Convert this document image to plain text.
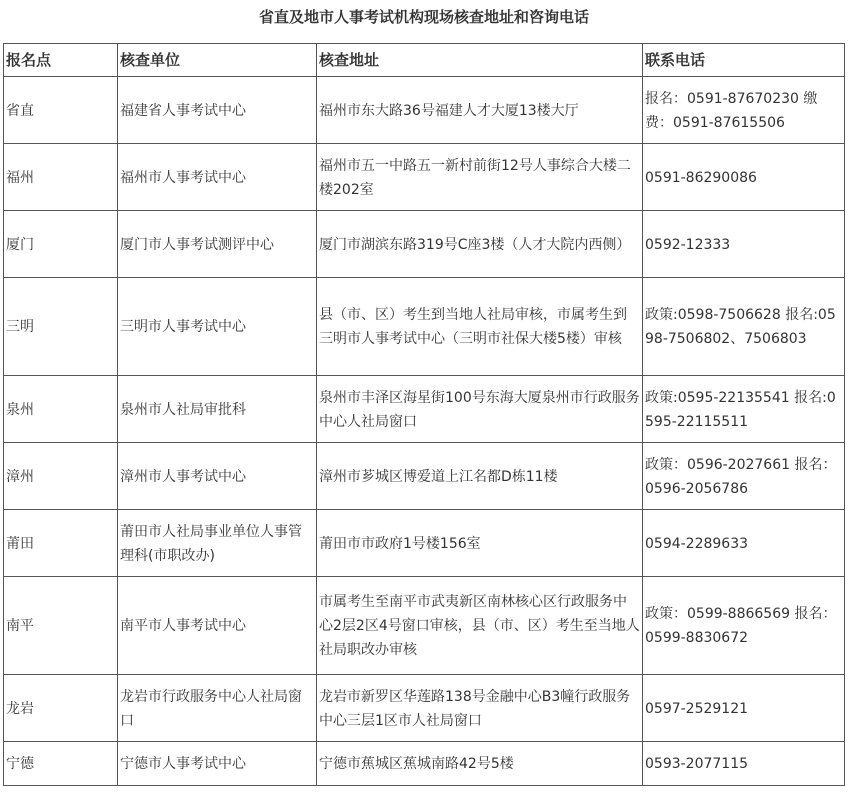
省直及地市人事考试机构现场核查地址和咨询电话
报名点	核查单位	核查地址	联系电话
省直	福建省人事考试中心	福州市东大路36号福建人才大厦13楼大厅	报名：0591-87670230 缴费：0591-87615506
福州	福州市人事考试中心	福州市五一中路五一新村前街12号人事综合大楼二楼202室	0591-86290086
厦门	厦门市人事考试测评中心	厦门市湖滨东路319号C座3楼（人才大院内西侧）	0592-12333
三明	三明市人事考试中心	县（市、区）考生到当地人社局审核，市属考生到三明市人事考试中心（三明市社保大楼5楼）审核	政策:0598-7506628 报名:0598-7506802、7506803
泉州	泉州市人社局审批科	泉州市丰泽区海星街100号东海大厦泉州市行政服务中心人社局窗口	政策:0595-22135541 报名:0595-22115511
漳州	漳州市人事考试中心	漳州市芗城区博爱道上江名都D栋11楼	政策：0596-2027661 报名：0596-2056786
莆田	莆田市人社局事业单位人事管理科(市职改办)	莆田市市政府1号楼156室	0594-2289633
南平	南平市人事考试中心	市属考生至南平市武夷新区南林核心区行政服务中心2层2区4号窗口审核，县（市、区）考生至当地人社局职改办审核	政策：0599-8866569 报名：0599-8830672
龙岩	龙岩市行政服务中心人社局窗口	龙岩市新罗区华莲路138号金融中心B3幢行政服务中心三层1区市人社局窗口	0597-2529121
宁德	宁德市人事考试中心	宁德市蕉城区蕉城南路42号5楼	0593-2077115
